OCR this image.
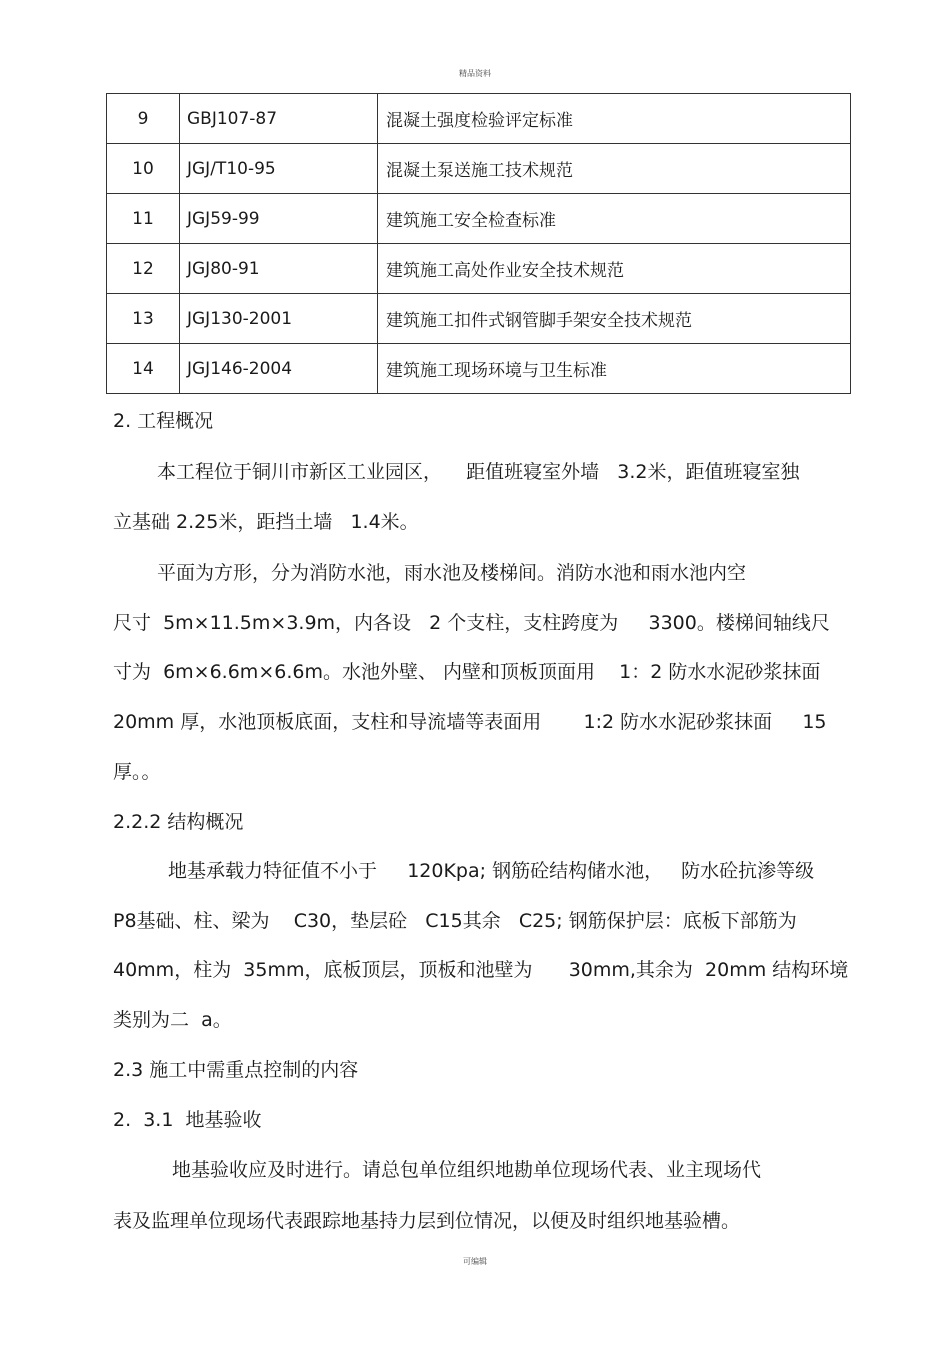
精品资料
9	GBJ107-87	混凝土强度检验评定标准
10	JGJ/T10-95	混凝土泵送施工技术规范
11	JGJ59-99	建筑施工安全检查标准
12	JGJ80-91	建筑施工高处作业安全技术规范
13	JGJ130-2001	建筑施工扣件式钢管脚手架安全技术规范
14	JGJ146-2004	建筑施工现场环境与卫生标准
2. 工程概况
本工程位于铜川市新区工业园区，    距值班寝室外墙   3.2米，距值班寝室独
立基础 2.25米，距挡土墙   1.4米。
平面为方形，分为消防水池，雨水池及楼梯间。消防水池和雨水池内空
尺寸  5m×11.5m×3.9m，内各设   2 个支柱，支柱跨度为     3300。楼梯间轴线尺
寸为  6m×6.6m×6.6m。水池外壁、 内壁和顶板顶面用    1：2 防水水泥砂浆抹面
20mm 厚，水池顶板底面，支柱和导流墙等表面用       1:2 防水水泥砂浆抹面     15
厚。。
2.2.2 结构概况
地基承载力特征值不小于     120Kpa; 钢筋砼结构储水池，   防水砼抗渗等级
P8基础、柱、梁为    C30，垫层砼   C15其余   C25; 钢筋保护层：底板下部筋为
40mm，柱为  35mm，底板顶层，顶板和池壁为      30mm,其余为  20mm 结构环境
类别为二  a。
2.3 施工中需重点控制的内容
2.  3.1  地基验收
地基验收应及时进行。请总包单位组织地勘单位现场代表、业主现场代
表及监理单位现场代表跟踪地基持力层到位情况，以便及时组织地基验槽。
可编辑
